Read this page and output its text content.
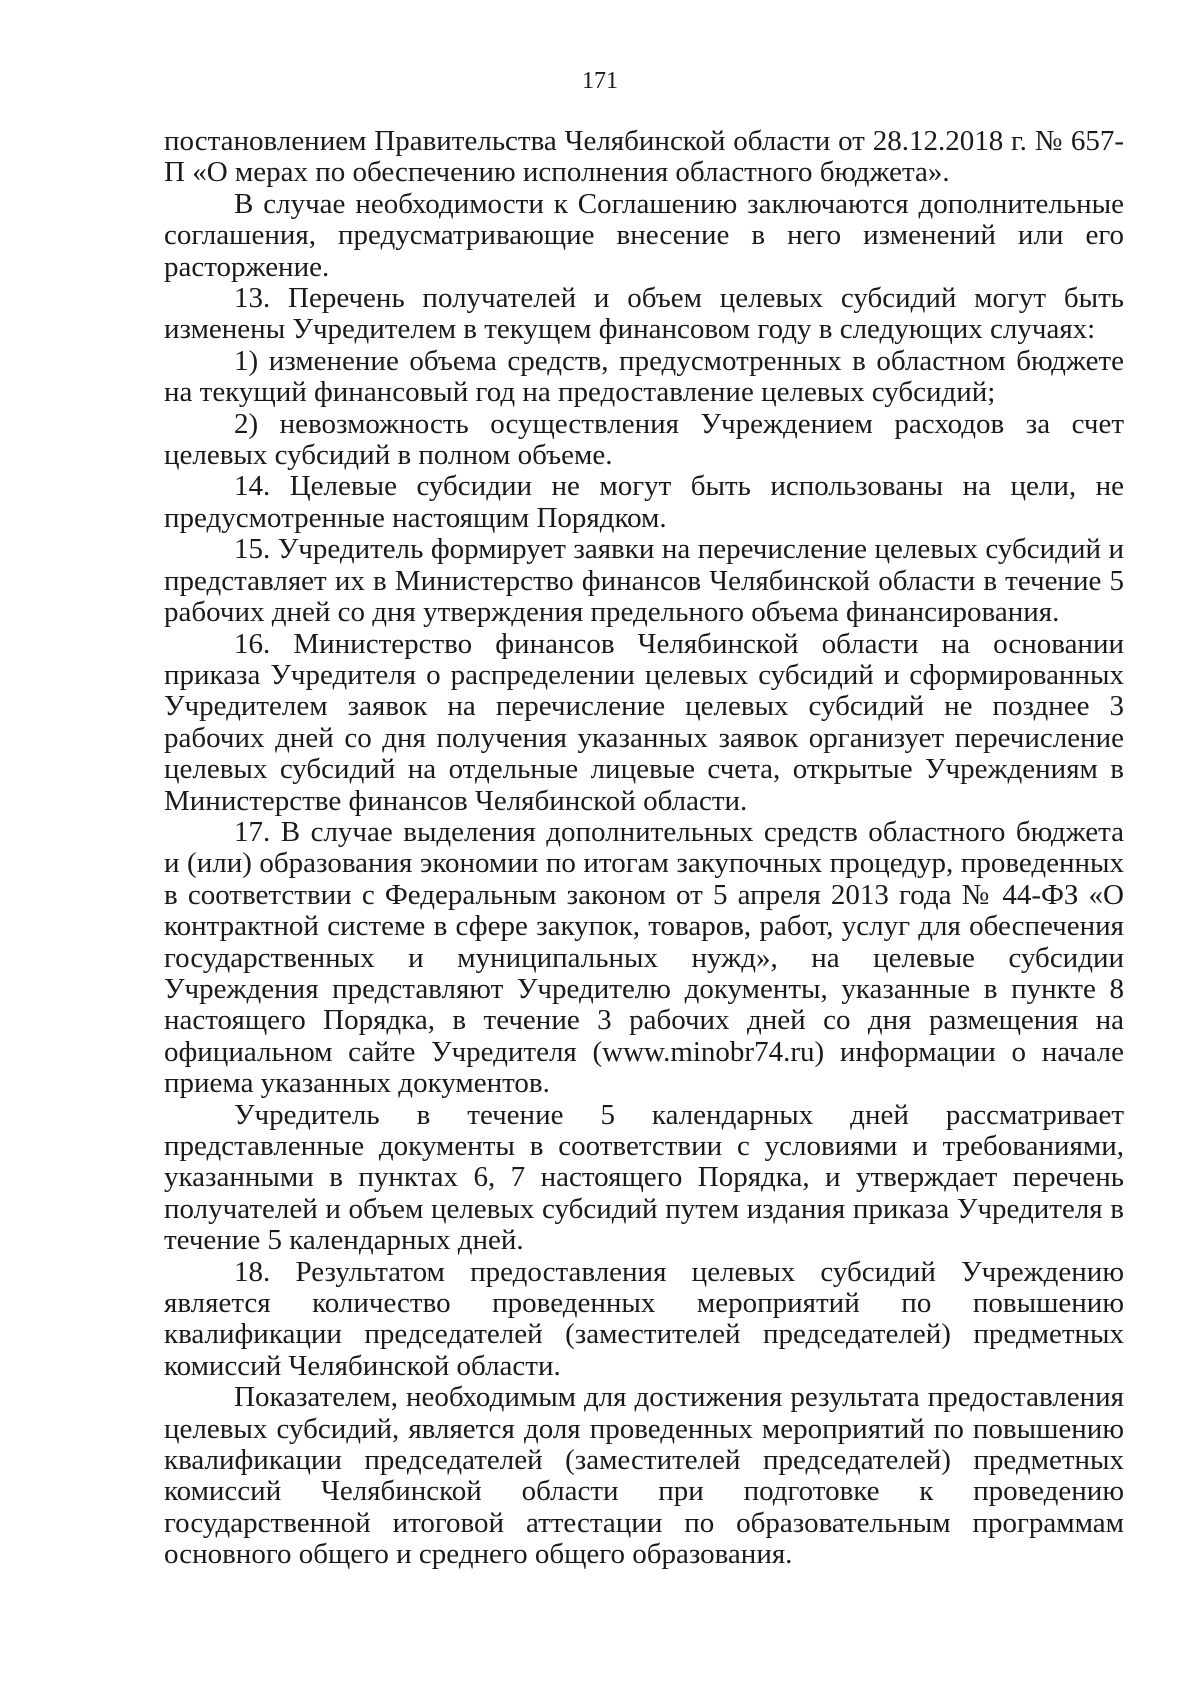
171

постановлением Правительства Челябинской области от 28.12.2018 г. № 657-П «О мерах по обеспечению исполнения областного бюджета».

В случае необходимости к Соглашению заключаются дополнительные соглашения, предусматривающие внесение в него изменений или его расторжение.

13. Перечень получателей и объем целевых субсидий могут быть изменены Учредителем в текущем финансовом году в следующих случаях:

1) изменение объема средств, предусмотренных в областном бюджете на текущий финансовый год на предоставление целевых субсидий;

2) невозможность осуществления Учреждением расходов за счет целевых субсидий в полном объеме.

14. Целевые субсидии не могут быть использованы на цели, не предусмотренные настоящим Порядком.

15. Учредитель формирует заявки на перечисление целевых субсидий и представляет их в Министерство финансов Челябинской области в течение 5 рабочих дней со дня утверждения предельного объема финансирования.

16. Министерство финансов Челябинской области на основании приказа Учредителя о распределении целевых субсидий и сформированных Учредителем заявок на перечисление целевых субсидий не позднее 3 рабочих дней со дня получения указанных заявок организует перечисление целевых субсидий на отдельные лицевые счета, открытые Учреждениям в Министерстве финансов Челябинской области.

17. В случае выделения дополнительных средств областного бюджета и (или) образования экономии по итогам закупочных процедур, проведенных в соответствии с Федеральным законом от 5 апреля 2013 года № 44-ФЗ «О контрактной системе в сфере закупок, товаров, работ, услуг для обеспечения государственных и муниципальных нужд», на целевые субсидии Учреждения представляют Учредителю документы, указанные в пункте 8 настоящего Порядка, в течение 3 рабочих дней со дня размещения на официальном сайте Учредителя (www.minobr74.ru) информации о начале приема указанных документов.

Учредитель в течение 5 календарных дней рассматривает представленные документы в соответствии с условиями и требованиями, указанными в пунктах 6, 7 настоящего Порядка, и утверждает перечень получателей и объем целевых субсидий путем издания приказа Учредителя в течение 5 календарных дней.

18. Результатом предоставления целевых субсидий Учреждению является количество проведенных мероприятий по повышению квалификации председателей (заместителей председателей) предметных комиссий Челябинской области.

Показателем, необходимым для достижения результата предоставления целевых субсидий, является доля проведенных мероприятий по повышению квалификации председателей (заместителей председателей) предметных комиссий Челябинской области при подготовке к проведению государственной итоговой аттестации по образовательным программам основного общего и среднего общего образования.
